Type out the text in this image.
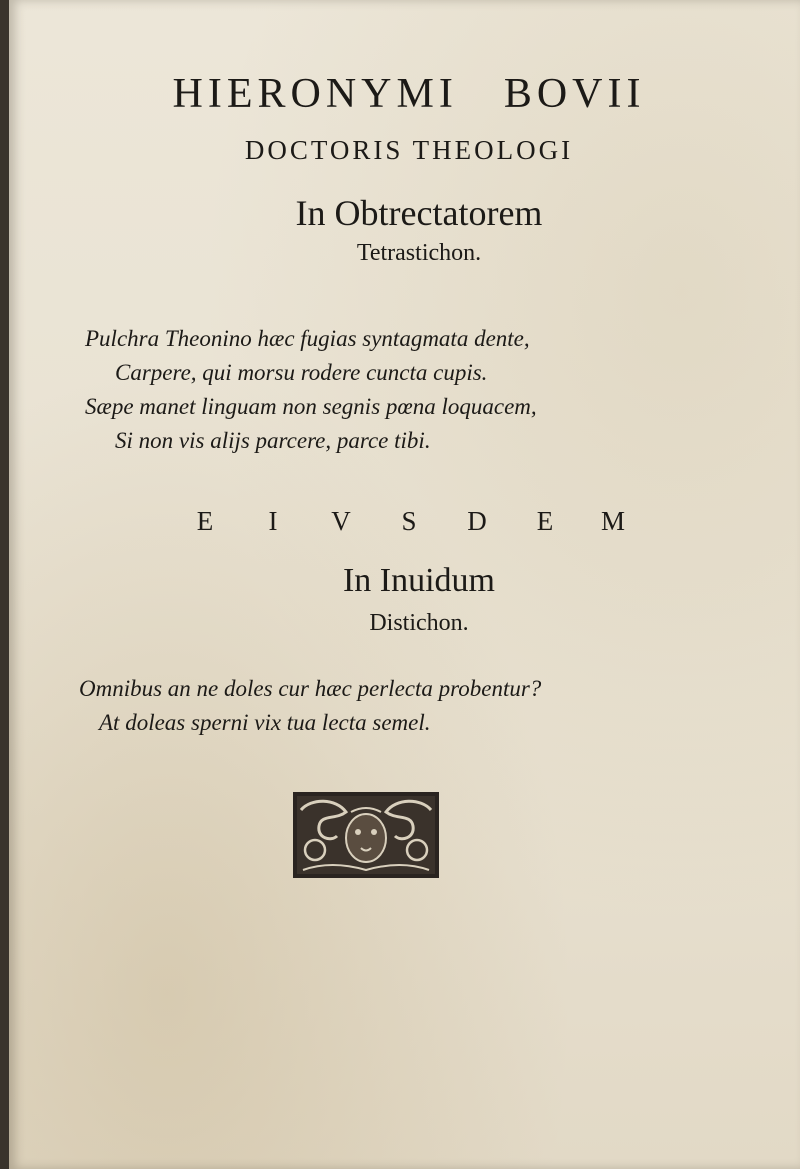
HIERONYMI BOVII
DOCTORIS THEOLOGI
In Obtrectatorem
Tetrastichon.
Pulchra Theonino hæc fugias syntagmata dente,
Carpere, qui morsu rodere cuncta cupis.
Sæpe manet linguam non segnis pœna loquacem,
Si non vis alijs parcere, parce tibi.
E I V S D E M
In Inuidum
Distichon.
Omnibus an ne doles cur hæc perlecta probentur?
At doleas sperni vix tua lecta semel.
